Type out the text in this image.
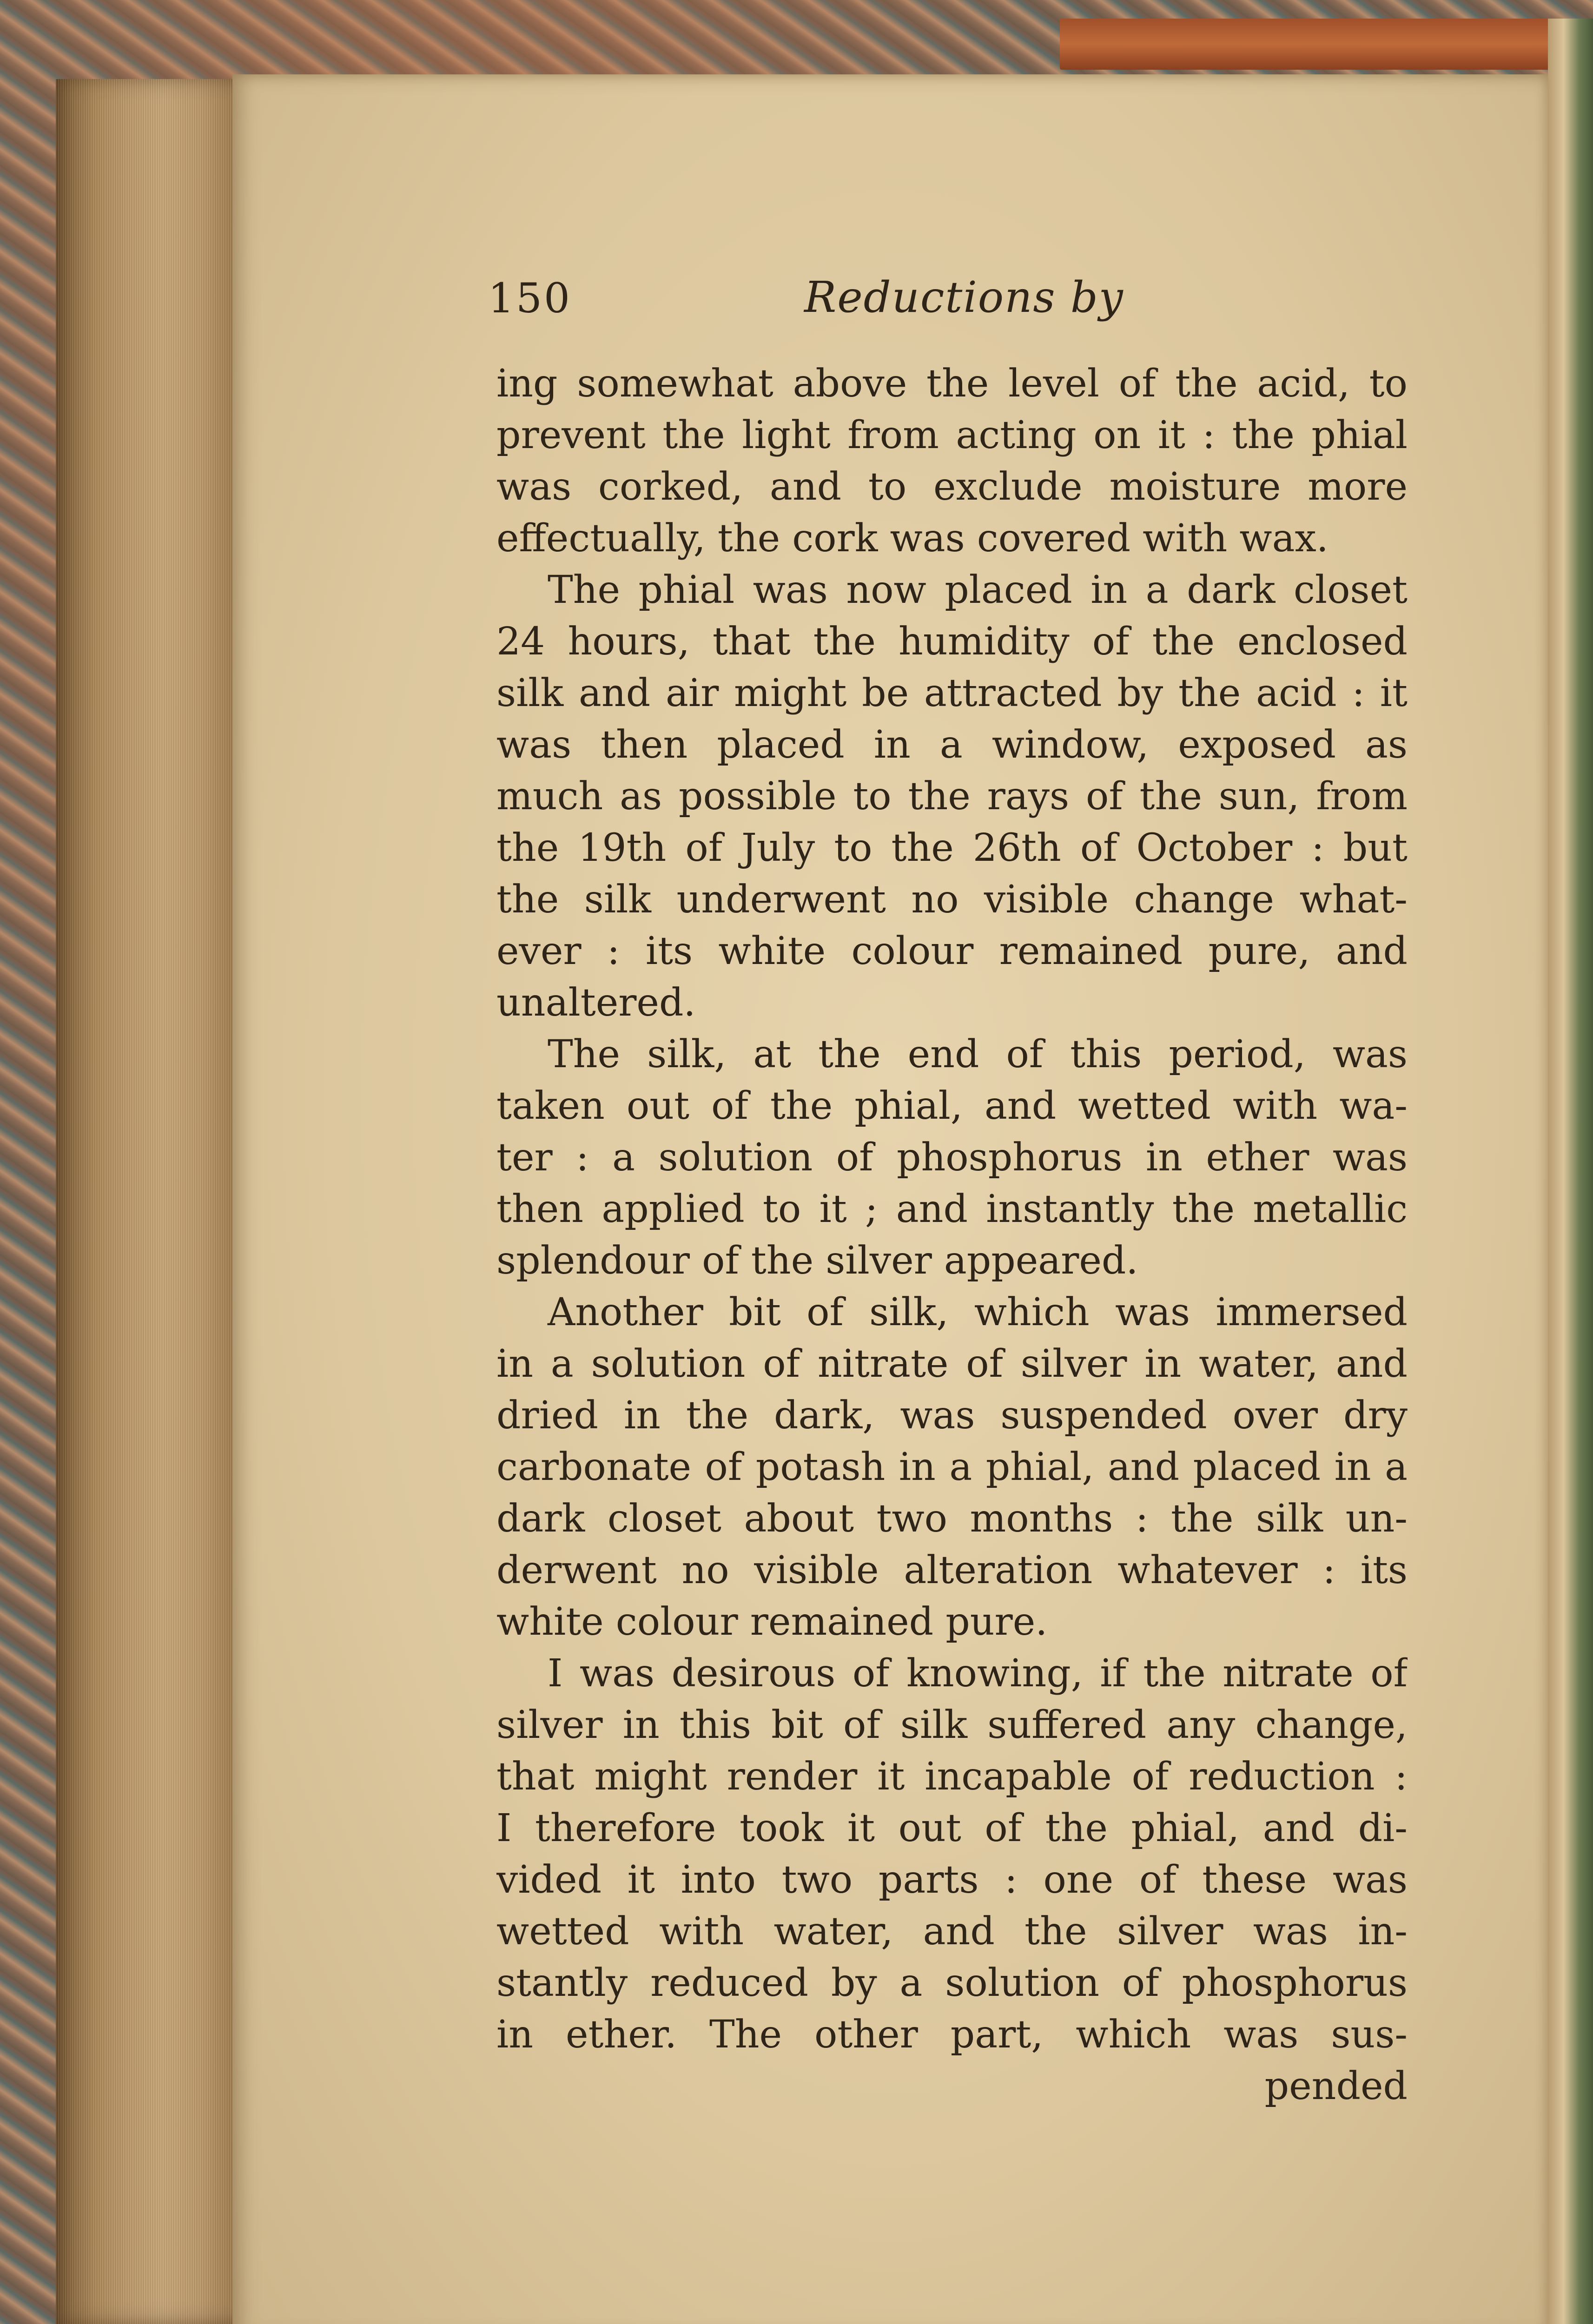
150	Reductions by
ing somewhat above the level of the acid, to
prevent the light from acting on it : the phial
was corked, and to exclude moisture more
effectually, the cork was covered with wax.
The phial was now placed in a dark closet
24 hours, that the humidity of the enclosed
silk and air might be attracted by the acid : it
was then placed in a window, exposed as
much as possible to the rays of the sun, from
the 19th of July to the 26th of October : but
the silk underwent no visible change what-
ever : its white colour remained pure, and
unaltered.
The silk, at the end of this period, was
taken out of the phial, and wetted with wa-
ter : a solution of phosphorus in ether was
then applied to it ; and instantly the metallic
splendour of the silver appeared.
Another bit of silk, which was immersed
in a solution of nitrate of silver in water, and
dried in the dark, was suspended over dry
carbonate of potash in a phial, and placed in a
dark closet about two months : the silk un-
derwent no visible alteration whatever : its
white colour remained pure.
I was desirous of knowing, if the nitrate of
silver in this bit of silk suffered any change,
that might render it incapable of reduction :
I therefore took it out of the phial, and di-
vided it into two parts : one of these was
wetted with water, and the silver was in-
stantly reduced by a solution of phosphorus
in ether. The other part, which was sus-
pended
